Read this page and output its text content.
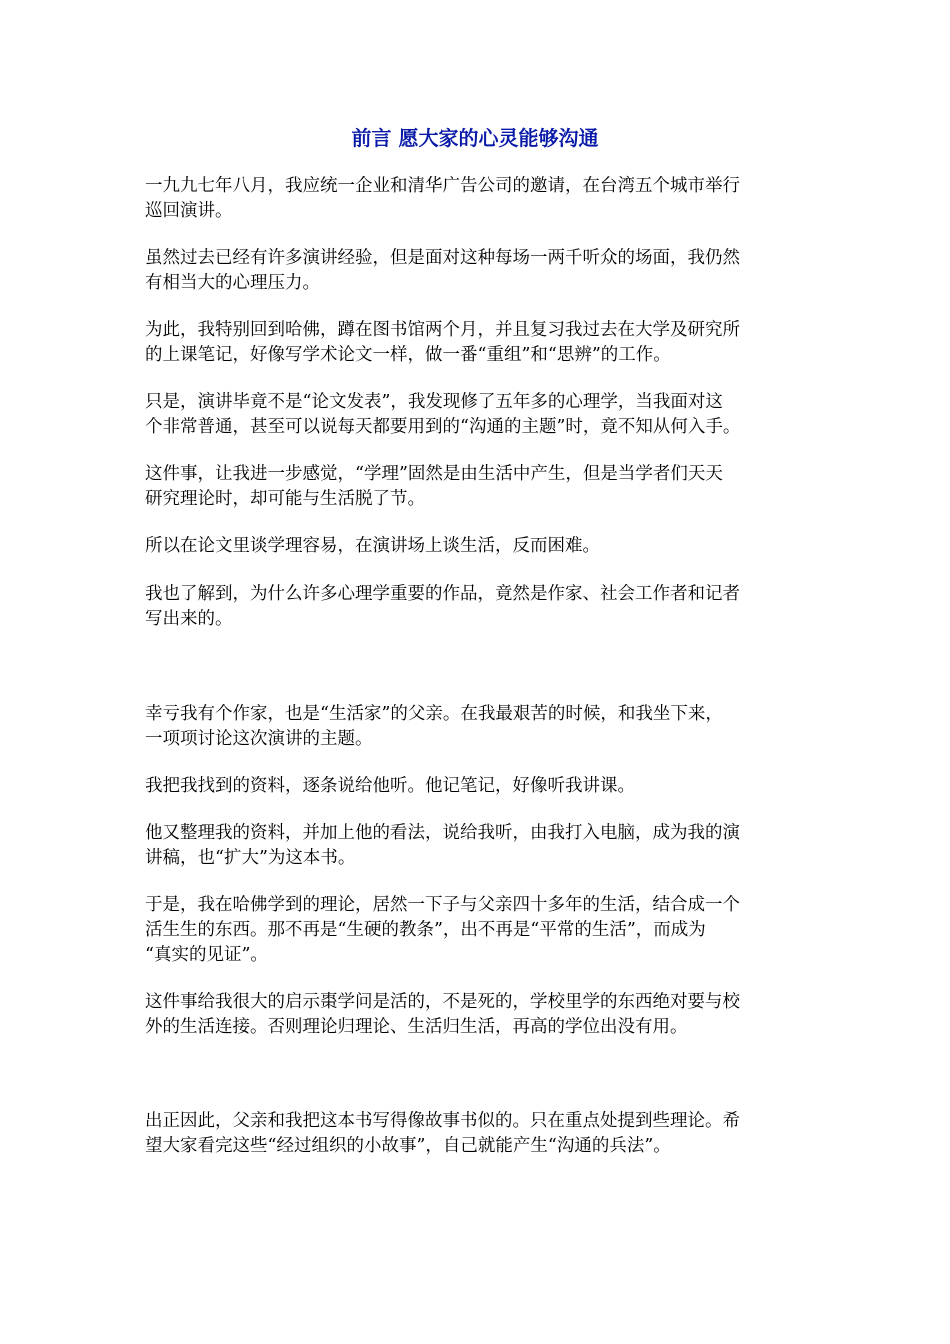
前言 愿大家的心灵能够沟通

一九九七年八月，我应统一企业和清华广告公司的邀请，在台湾五个城市举行
巡回演讲。

虽然过去已经有许多演讲经验，但是面对这种每场一两千听众的场面，我仍然
有相当大的心理压力。

为此，我特别回到哈佛，蹲在图书馆两个月，并且复习我过去在大学及研究所
的上课笔记，好像写学术论文一样，做一番“重组”和“思辨”的工作。

只是，演讲毕竟不是“论文发表”，我发现修了五年多的心理学，当我面对这
个非常普通，甚至可以说每天都要用到的“沟通的主题”时，竟不知从何入手。

这件事，让我进一步感觉，“学理”固然是由生活中产生，但是当学者们天天
研究理论时，却可能与生活脱了节。

所以在论文里谈学理容易，在演讲场上谈生活，反而困难。

我也了解到，为什么许多心理学重要的作品，竟然是作家、社会工作者和记者
写出来的。

幸亏我有个作家，也是“生活家”的父亲。在我最艰苦的时候，和我坐下来，
一项项讨论这次演讲的主题。

我把我找到的资料，逐条说给他听。他记笔记，好像听我讲课。

他又整理我的资料，并加上他的看法，说给我听，由我打入电脑，成为我的演
讲稿，也“扩大”为这本书。

于是，我在哈佛学到的理论，居然一下子与父亲四十多年的生活，结合成一个
活生生的东西。那不再是“生硬的教条”，出不再是“平常的生活”，而成为
“真实的见证”。

这件事给我很大的启示棗学问是活的，不是死的，学校里学的东西绝对要与校
外的生活连接。否则理论归理论、生活归生活，再高的学位出没有用。

出正因此，父亲和我把这本书写得像故事书似的。只在重点处提到些理论。希
望大家看完这些“经过组织的小故事”，自己就能产生“沟通的兵法”。
